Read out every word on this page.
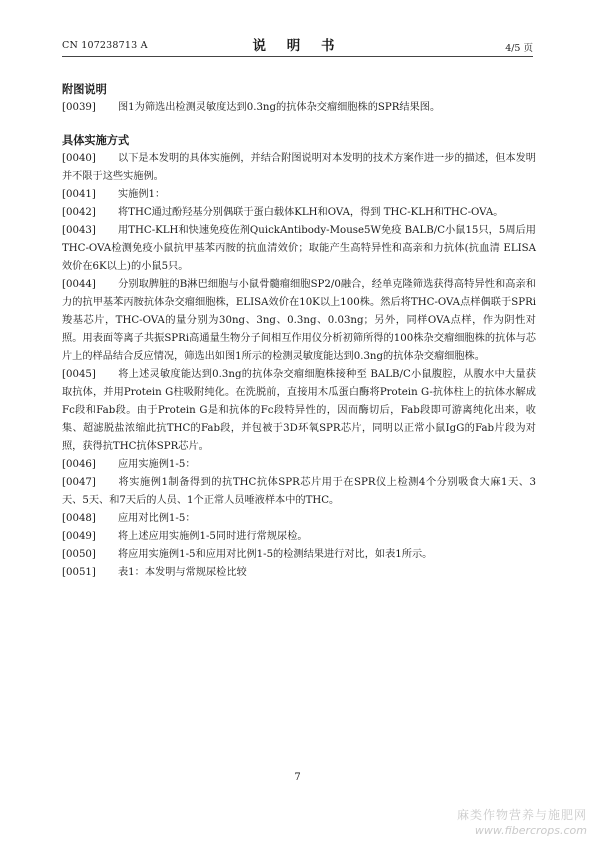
CN 107238713 A	说 明 书	4/5 页
附图说明
[0039] 图1为筛选出检测灵敏度达到0.3ng的抗体杂交瘤细胞株的SPR结果图。
具体实施方式
[0040] 以下是本发明的具体实施例，并结合附图说明对本发明的技术方案作进一步的描述，但本发明并不限于这些实施例。
[0041] 实施例1：
[0042] 将THC通过酚羟基分别偶联于蛋白载体KLH和OVA，得到 THC-KLH和THC-OVA。
[0043] 用THC-KLH和快速免疫佐剂QuickAntibody-Mouse5W免疫 BALB/C小鼠15只，5周后用THC-OVA检测免疫小鼠抗甲基苯丙胺的抗血清效价；取能产生高特异性和高亲和力抗体(抗血清 ELISA效价在6K以上)的小鼠5只。
[0044] 分别取脾脏的B淋巴细胞与小鼠骨髓瘤细胞SP2/0融合，经单克隆筛选获得高特异性和高亲和力的抗甲基苯丙胺抗体杂交瘤细胞株，ELISA效价在10K以上100株。然后将THC-OVA点样偶联于SPRi羧基芯片，THC-OVA的量分别为30ng、3ng、0.3ng、0.03ng；另外，同样OVA点样，作为阴性对照。用表面等离子共振SPRi高通量生物分子间相互作用仪分析初筛所得的100株杂交瘤细胞株的抗体与芯片上的样品结合反应情况，筛选出如图1所示的检测灵敏度能达到0.3ng的抗体杂交瘤细胞株。
[0045] 将上述灵敏度能达到0.3ng的抗体杂交瘤细胞株接种至 BALB/C小鼠腹腔，从腹水中大量获取抗体，并用Protein G柱吸附纯化。在洗脱前，直接用木瓜蛋白酶将Protein G-抗体柱上的抗体水解成Fc段和Fab段。由于Protein G是和抗体的Fc段特异性的，因而酶切后，Fab段即可游离纯化出来，收集、超滤脱盐浓缩此抗THC的Fab段，并包被于3D环氧SPR芯片，同明以正常小鼠IgG的Fab片段为对照，获得抗THC抗体SPR芯片。
[0046] 应用实施例1-5：
[0047] 将实施例1制备得到的抗THC抗体SPR芯片用于在SPR仪上检测4个分别吸食大麻1天、3天、5天、和7天后的人员、1个正常人员唾液样本中的THC。
[0048] 应用对比例1-5：
[0049] 将上述应用实施例1-5同时进行常规尿检。
[0050] 将应用实施例1-5和应用对比例1-5的检测结果进行对比，如表1所示。
[0051] 表1：本发明与常规尿检比较
7
麻类作物营养与施肥网
www.fibercrops.com
